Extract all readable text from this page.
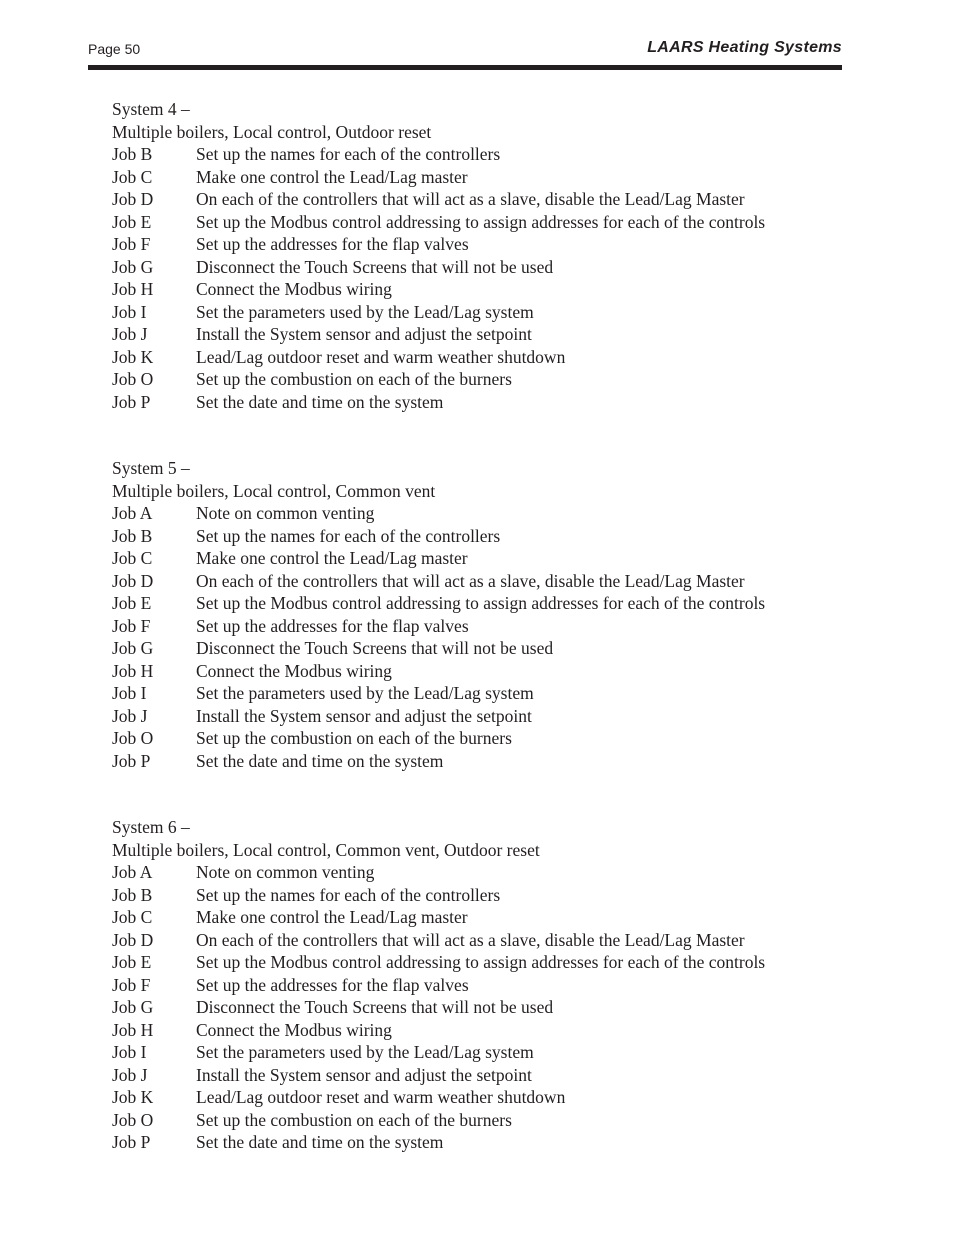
Page 50	LAARS Heating Systems
System 4 –
Multiple boilers, Local control, Outdoor reset
Job B	Set up the names for each of the controllers
Job C	Make one control the Lead/Lag master
Job D	On each of the controllers that will act as a slave, disable the Lead/Lag Master
Job E	Set up the Modbus control addressing to assign addresses for each of the controls
Job F	Set up the addresses for the flap valves
Job G	Disconnect the Touch Screens that will not be used
Job H	Connect the Modbus wiring
Job I	Set the parameters used by the Lead/Lag system
Job J	Install the System sensor and adjust the setpoint
Job K	Lead/Lag outdoor reset and warm weather shutdown
Job O	Set up the combustion on each of the burners
Job P	Set the date and time on the system
System 5 –
Multiple boilers, Local control, Common vent
Job A	Note on common venting
Job B	Set up the names for each of the controllers
Job C	Make one control the Lead/Lag master
Job D	On each of the controllers that will act as a slave, disable the Lead/Lag Master
Job E	Set up the Modbus control addressing to assign addresses for each of the controls
Job F	Set up the addresses for the flap valves
Job G	Disconnect the Touch Screens that will not be used
Job H	Connect the Modbus wiring
Job I	Set the parameters used by the Lead/Lag system
Job J	Install the System sensor and adjust the setpoint
Job O	Set up the combustion on each of the burners
Job P	Set the date and time on the system
System 6 –
Multiple boilers, Local control, Common vent, Outdoor reset
Job A	Note on common venting
Job B	Set up the names for each of the controllers
Job C	Make one control the Lead/Lag master
Job D	On each of the controllers that will act as a slave, disable the Lead/Lag Master
Job E	Set up the Modbus control addressing to assign addresses for each of the controls
Job F	Set up the addresses for the flap valves
Job G	Disconnect the Touch Screens that will not be used
Job H	Connect the Modbus wiring
Job I	Set the parameters used by the Lead/Lag system
Job J	Install the System sensor and adjust the setpoint
Job K	Lead/Lag outdoor reset and warm weather shutdown
Job O	Set up the combustion on each of the burners
Job P	Set the date and time on the system
